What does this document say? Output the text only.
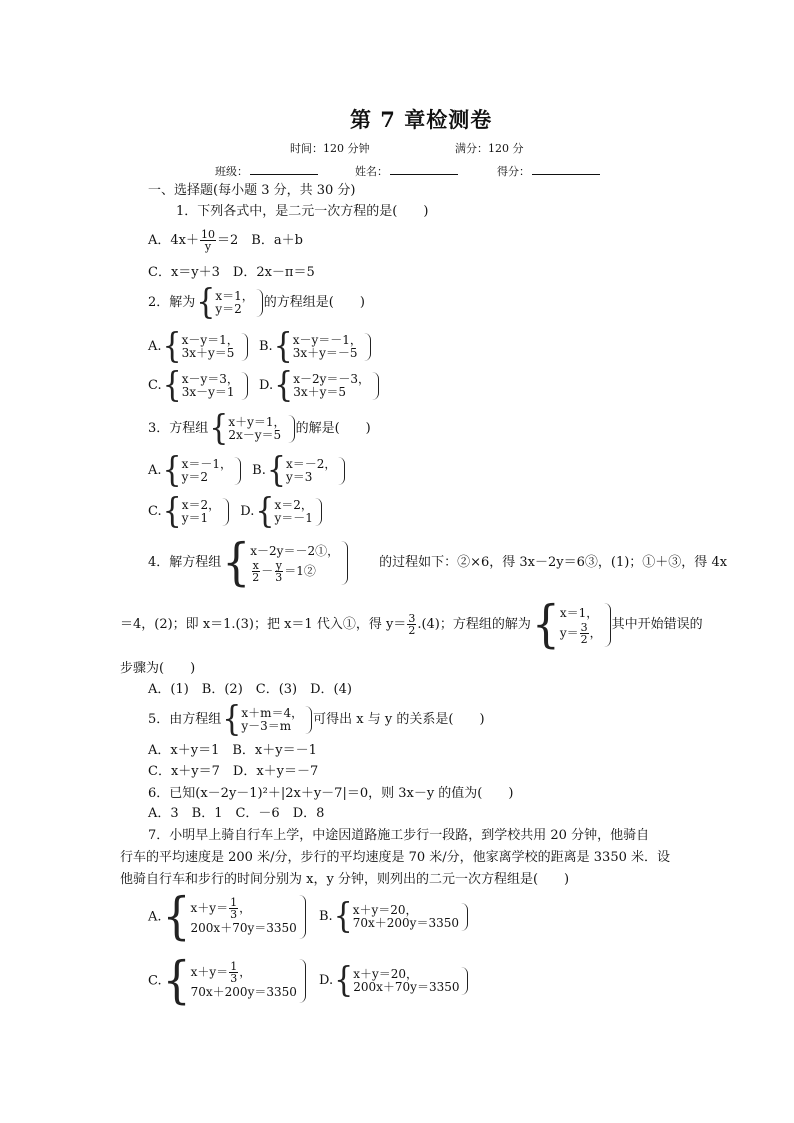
第 7 章检测卷
时间：120 分钟	满分：120 分
班级：	姓名：	得分：
一、选择题(每小题 3 分，共 30 分)
1．下列各式中，是二元一次方程的是(　　)
A．$4x+ \frac{10}{y} =2$　B．a＋b
C．x＝y＋3　D．2x－π＝5
2．解为 { x＝1，
y＝2	的方程组是(　　)
A. { x－y＝1，
3x＋y＝5	B. { x－y＝－1，
3x＋y＝－5
C. { x－y＝3，
3x－y＝1	D. { x－2y＝－3，
3x＋y＝5
3．方程组 { x＋y＝1，
2x－y＝5	的解是(　　)
A. { x＝－1，
y＝2	B. { x＝－2，
y＝3
C. { x＝2，
y＝1	D. { x＝2，
y＝－1
4．解方程组 { x－2y＝－2①，
$\frac{x}{2} - \frac{y}{3}$ ＝1②
的过程如下：②×6，得 3x－2y＝6③，(1)；①＋③，得 4x
＝4，(2)；即 x＝1.(3)；把 x＝1 代入①，得 $y= \frac{3}{2} .(4)$；方程组的解为 { x＝1，
$y= \frac{3}{2}$ ，
其中开始错误的
步骤为(　　)
A．(1)　B．(2)　C．(3)　D．(4)
5．由方程组 { x＋m＝4，
y－3＝m	可得出 x 与 y 的关系是(　　)
A．x＋y＝1　B．x＋y＝－1
C．x＋y＝7　D．x＋y＝－7
6．已知(x－2y－1)²＋|2x＋y－7|＝0，则 3x－y 的值为(　　)
A．3　B．1　C．－6　D．8
7．小明早上骑自行车上学，中途因道路施工步行一段路，到学校共用 20 分钟，他骑自
行车的平均速度是 200 米/分，步行的平均速度是 70 米/分，他家离学校的距离是 3350 米．设
他骑自行车和步行的时间分别为 x，y 分钟，则列出的二元一次方程组是(　　)
A. { $x+y= \frac{1}{3}$ ，
200x＋70y＝3350
B. { x＋y＝20，
70x＋200y＝3350
C. { $x+y= \frac{1}{3}$ ，
70x＋200y＝3350
D. { x＋y＝20，
200x＋70y＝3350
